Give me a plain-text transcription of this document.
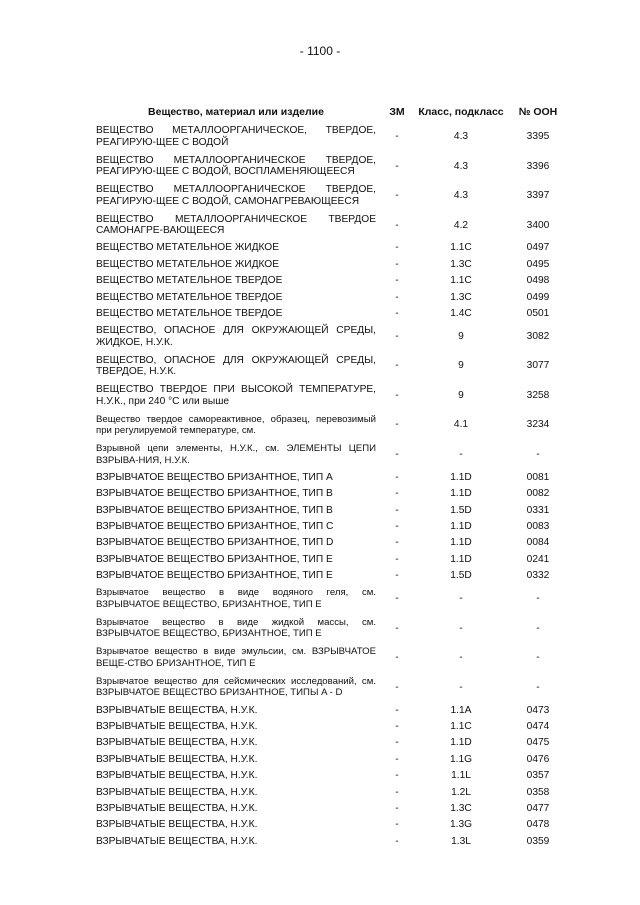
- 1100 -
Вещество, материал или изделие	ЗМ	Класс, подкласс	№ ООН
ВЕЩЕСТВО МЕТАЛЛООРГАНИЧЕСКОЕ, ТВЕРДОЕ, РЕАГИРУЮ-ЩЕЕ С ВОДОЙ	-	4.3	3395
ВЕЩЕСТВО МЕТАЛЛООРГАНИЧЕСКОЕ ТВЕРДОЕ, РЕАГИРУЮ-ЩЕЕ С ВОДОЙ, ВОСПЛАМЕНЯЮЩЕЕСЯ	-	4.3	3396
ВЕЩЕСТВО МЕТАЛЛООРГАНИЧЕСКОЕ ТВЕРДОЕ, РЕАГИРУЮ-ЩЕЕ С ВОДОЙ, САМОНАГРЕВАЮЩЕЕСЯ	-	4.3	3397
ВЕЩЕСТВО МЕТАЛЛООРГАНИЧЕСКОЕ ТВЕРДОЕ САМОНАГРЕ-ВАЮЩЕЕСЯ	-	4.2	3400
ВЕЩЕСТВО МЕТАТЕЛЬНОЕ ЖИДКОЕ	-	1.1C	0497
ВЕЩЕСТВО МЕТАТЕЛЬНОЕ ЖИДКОЕ	-	1.3C	0495
ВЕЩЕСТВО МЕТАТЕЛЬНОЕ ТВЕРДОЕ	-	1.1C	0498
ВЕЩЕСТВО МЕТАТЕЛЬНОЕ ТВЕРДОЕ	-	1.3C	0499
ВЕЩЕСТВО МЕТАТЕЛЬНОЕ ТВЕРДОЕ	-	1.4C	0501
ВЕЩЕСТВО, ОПАСНОЕ ДЛЯ ОКРУЖАЮЩЕЙ СРЕДЫ, ЖИДКОЕ, Н.У.К.	-	9	3082
ВЕЩЕСТВО, ОПАСНОЕ ДЛЯ ОКРУЖАЮЩЕЙ СРЕДЫ, ТВЕРДОЕ, Н.У.К.	-	9	3077
ВЕЩЕСТВО ТВЕРДОЕ ПРИ ВЫСОКОЙ ТЕМПЕРАТУРЕ, Н.У.К., при 240 °C или выше	-	9	3258
Вещество твердое самореактивное, образец, перевозимый при регулируемой температуре, см.	-	4.1	3234
Взрывной цепи элементы, Н.У.К., см. ЭЛЕМЕНТЫ ЦЕПИ ВЗРЫВА-НИЯ, Н.У.К.	-	-	-
ВЗРЫВЧАТОЕ ВЕЩЕСТВО БРИЗАНТНОЕ, ТИП A	-	1.1D	0081
ВЗРЫВЧАТОЕ ВЕЩЕСТВО БРИЗАНТНОЕ, ТИП B	-	1.1D	0082
ВЗРЫВЧАТОЕ ВЕЩЕСТВО БРИЗАНТНОЕ, ТИП B	-	1.5D	0331
ВЗРЫВЧАТОЕ ВЕЩЕСТВО БРИЗАНТНОЕ, ТИП C	-	1.1D	0083
ВЗРЫВЧАТОЕ ВЕЩЕСТВО БРИЗАНТНОЕ, ТИП D	-	1.1D	0084
ВЗРЫВЧАТОЕ ВЕЩЕСТВО БРИЗАНТНОЕ, ТИП E	-	1.1D	0241
ВЗРЫВЧАТОЕ ВЕЩЕСТВО БРИЗАНТНОЕ, ТИП E	-	1.5D	0332
Взрывчатое вещество в виде водяного геля, см. ВЗРЫВЧАТОЕ ВЕЩЕСТВО, БРИЗАНТНОЕ, ТИП E	-	-	-
Взрывчатое вещество в виде жидкой массы, см. ВЗРЫВЧАТОЕ ВЕЩЕСТВО, БРИЗАНТНОЕ, ТИП E	-	-	-
Взрывчатое вещество в виде эмульсии, см. ВЗРЫВЧАТОЕ ВЕЩЕ-СТВО БРИЗАНТНОЕ, ТИП E	-	-	-
Взрывчатое вещество для сейсмических исследований, см. ВЗРЫВЧАТОЕ ВЕЩЕСТВО БРИЗАНТНОЕ, ТИПЫ A - D	-	-	-
ВЗРЫВЧАТЫЕ ВЕЩЕСТВА, Н.У.К.	-	1.1A	0473
ВЗРЫВЧАТЫЕ ВЕЩЕСТВА, Н.У.К.	-	1.1C	0474
ВЗРЫВЧАТЫЕ ВЕЩЕСТВА, Н.У.К.	-	1.1D	0475
ВЗРЫВЧАТЫЕ ВЕЩЕСТВА, Н.У.К.	-	1.1G	0476
ВЗРЫВЧАТЫЕ ВЕЩЕСТВА, Н.У.К.	-	1.1L	0357
ВЗРЫВЧАТЫЕ ВЕЩЕСТВА, Н.У.К.	-	1.2L	0358
ВЗРЫВЧАТЫЕ ВЕЩЕСТВА, Н.У.К.	-	1.3C	0477
ВЗРЫВЧАТЫЕ ВЕЩЕСТВА, Н.У.К.	-	1.3G	0478
ВЗРЫВЧАТЫЕ ВЕЩЕСТВА, Н.У.К.	-	1.3L	0359
